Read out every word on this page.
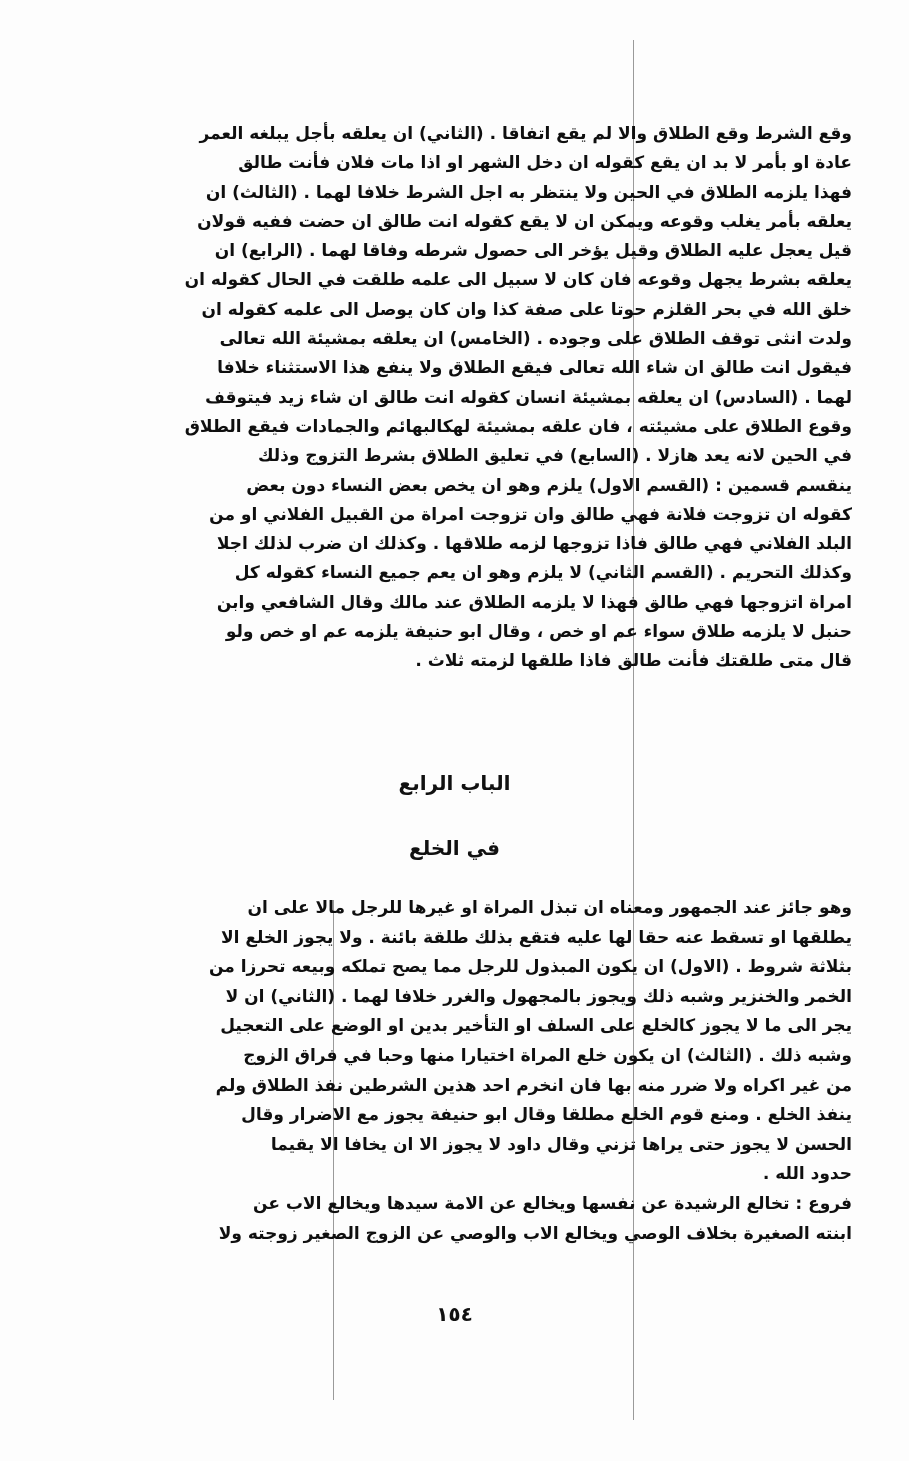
وقع الشرط وقع الطلاق والا لم يقع اتفاقا . (الثاني) ان يعلقه بأجل يبلغه العمر
عادة او بأمر لا بد ان يقع كقوله ان دخل الشهر او اذا مات فلان فأنت طالق
فهذا يلزمه الطلاق في الحين ولا ينتظر به اجل الشرط خلافا لهما . (الثالث) ان
يعلقه بأمر يغلب وقوعه ويمكن ان لا يقع كقوله انت طالق ان حضت ففيه قولان
قيل يعجل عليه الطلاق وقيل يؤخر الى حصول شرطه وفاقا لهما . (الرابع) ان
يعلقه بشرط يجهل وقوعه فان كان لا سبيل الى علمه طلقت في الحال كقوله ان
خلق الله في بحر القلزم حوتا على صفة كذا وان كان يوصل الى علمه كقوله ان
ولدت انثى توقف الطلاق على وجوده . (الخامس) ان يعلقه بمشيئة الله تعالى
فيقول انت طالق ان شاء الله تعالى فيقع الطلاق ولا ينفع هذا الاستثناء خلافا
لهما . (السادس) ان يعلقه بمشيئة انسان كقوله انت طالق ان شاء زيد فيتوقف
وقوع الطلاق على مشيئته ، فان علقه بمشيئة لهكالبهائم والجمادات فيقع الطلاق
في الحين لانه يعد هازلا . (السابع) في تعليق الطلاق بشرط التزوج وذلك
ينقسم قسمين : (القسم الاول) يلزم وهو ان يخص بعض النساء دون بعض
كقوله ان تزوجت فلانة فهي طالق وان تزوجت امراة من القبيل الفلاني او من
البلد الفلاني فهي طالق فاذا تزوجها لزمه طلاقها . وكذلك ان ضرب لذلك اجلا
وكذلك التحريم . (القسم الثاني) لا يلزم وهو ان يعم جميع النساء كقوله كل
امراة اتزوجها فهي طالق فهذا لا يلزمه الطلاق عند مالك وقال الشافعي وابن
حنبل لا يلزمه طلاق سواء عم او خص ، وقال ابو حنيفة يلزمه عم او خص ولو
قال متى طلقتك فأنت طالق فاذا طلقها لزمته ثلاث .
الباب الرابع
في الخلع
وهو جائز عند الجمهور ومعناه ان تبذل المراة او غيرها للرجل مالا على ان
يطلقها او تسقط عنه حقا لها عليه فتقع بذلك طلقة بائنة . ولا يجوز الخلع الا
بثلاثة شروط . (الاول) ان يكون المبذول للرجل مما يصح تملكه وبيعه تحرزا من
الخمر والخنزير وشبه ذلك ويجوز بالمجهول والغرر خلافا لهما . (الثاني) ان لا
يجر الى ما لا يجوز كالخلع على السلف او التأخير بدين او الوضع على التعجيل
وشبه ذلك . (الثالث) ان يكون خلع المراة اختيارا منها وحبا في فراق الزوج
من غير اكراه ولا ضرر منه بها فان انخرم احد هذين الشرطين نفذ الطلاق ولم
ينفذ الخلع . ومنع قوم الخلع مطلقا وقال ابو حنيفة يجوز مع الاضرار وقال
الحسن لا يجوز حتى يراها تزني وقال داود لا يجوز الا ان يخافا الا يقيما
حدود الله .
فروع : تخالع الرشيدة عن نفسها ويخالع عن الامة سيدها ويخالع الاب عن
ابنته الصغيرة بخلاف الوصي ويخالع الاب والوصي عن الزوج الصغير زوجته ولا
١٥٤
